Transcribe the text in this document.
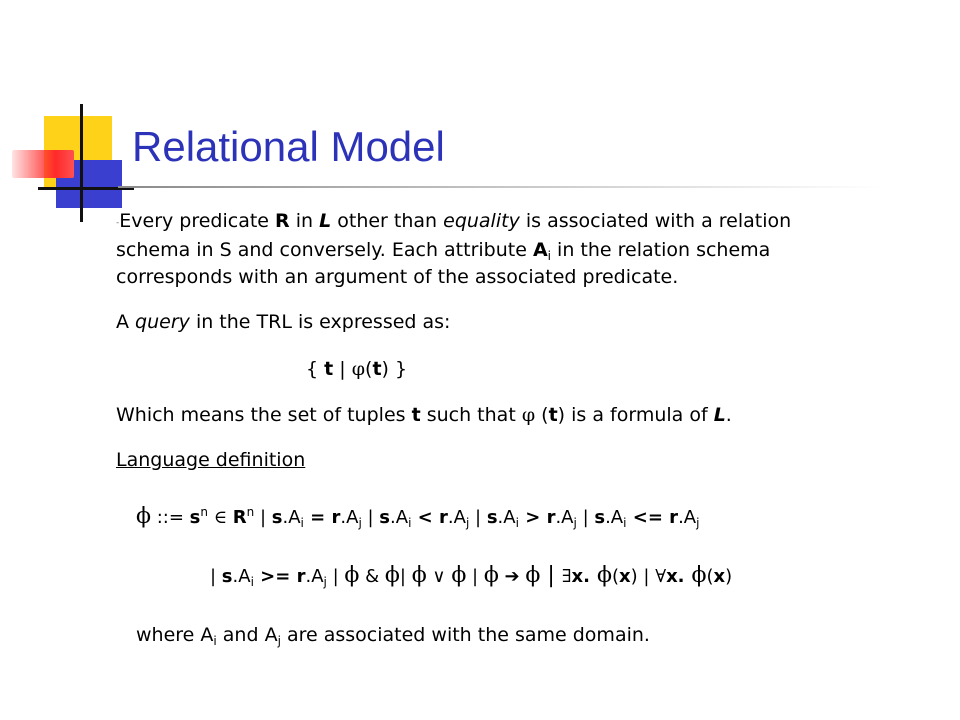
Relational Model
-Every predicate R in L other than equality is associated with a relation
schema in S and conversely. Each attribute $A_i$ in the relation schema
corresponds with an argument of the associated predicate.
A query in the TRL is expressed as:
{ t | φ(t) }
Which means the set of tuples t such that φ (t) is a formula of L.
Language definition
ϕ ::= $s^n$ ∈ $R^n$ | $s.A_i = r.A_j$ | $s.A_i < r.A_j$ | $s.A_i > r.A_j$ | $s.A_i <= r.A_j$
| $s.A_i >= r.A_j$ | ϕ & ϕ| ϕ ∨ ϕ | ϕ ➔ ϕ | ∃x. ϕ(x) | ∀x. ϕ(x)
where $A_i$ and $A_j$ are associated with the same domain.
